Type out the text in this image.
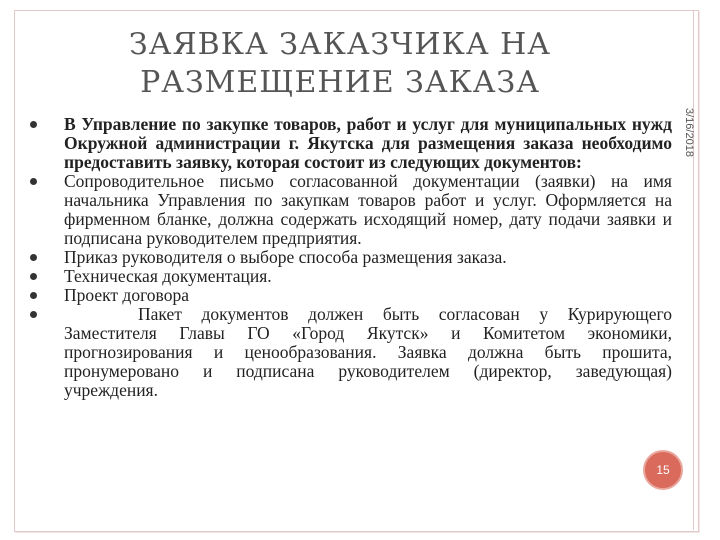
ЗАЯВКА ЗАКАЗЧИКА НА
РАЗМЕЩЕНИЕ ЗАКАЗА
3/16/2018
В Управление по закупке товаров, работ и услуг для муниципальных нужд Окружной администрации г. Якутска для размещения заказа необходимо предоставить заявку, которая состоит из следующих документов:
Сопроводительное письмо согласованной документации (заявки) на имя начальника Управления по закупкам товаров работ и услуг. Оформляется на фирменном бланке, должна содержать исходящий номер, дату подачи заявки и подписана руководителем предприятия.
Приказ руководителя о выборе способа размещения заказа.
Техническая документация.
Проект договора
Пакет документов должен быть согласован у Курирующего Заместителя Главы ГО «Город Якутск» и Комитетом экономики, прогнозирования и ценообразования. Заявка должна быть прошита, пронумеровано и подписана руководителем (директор, заведующая) учреждения.
15
